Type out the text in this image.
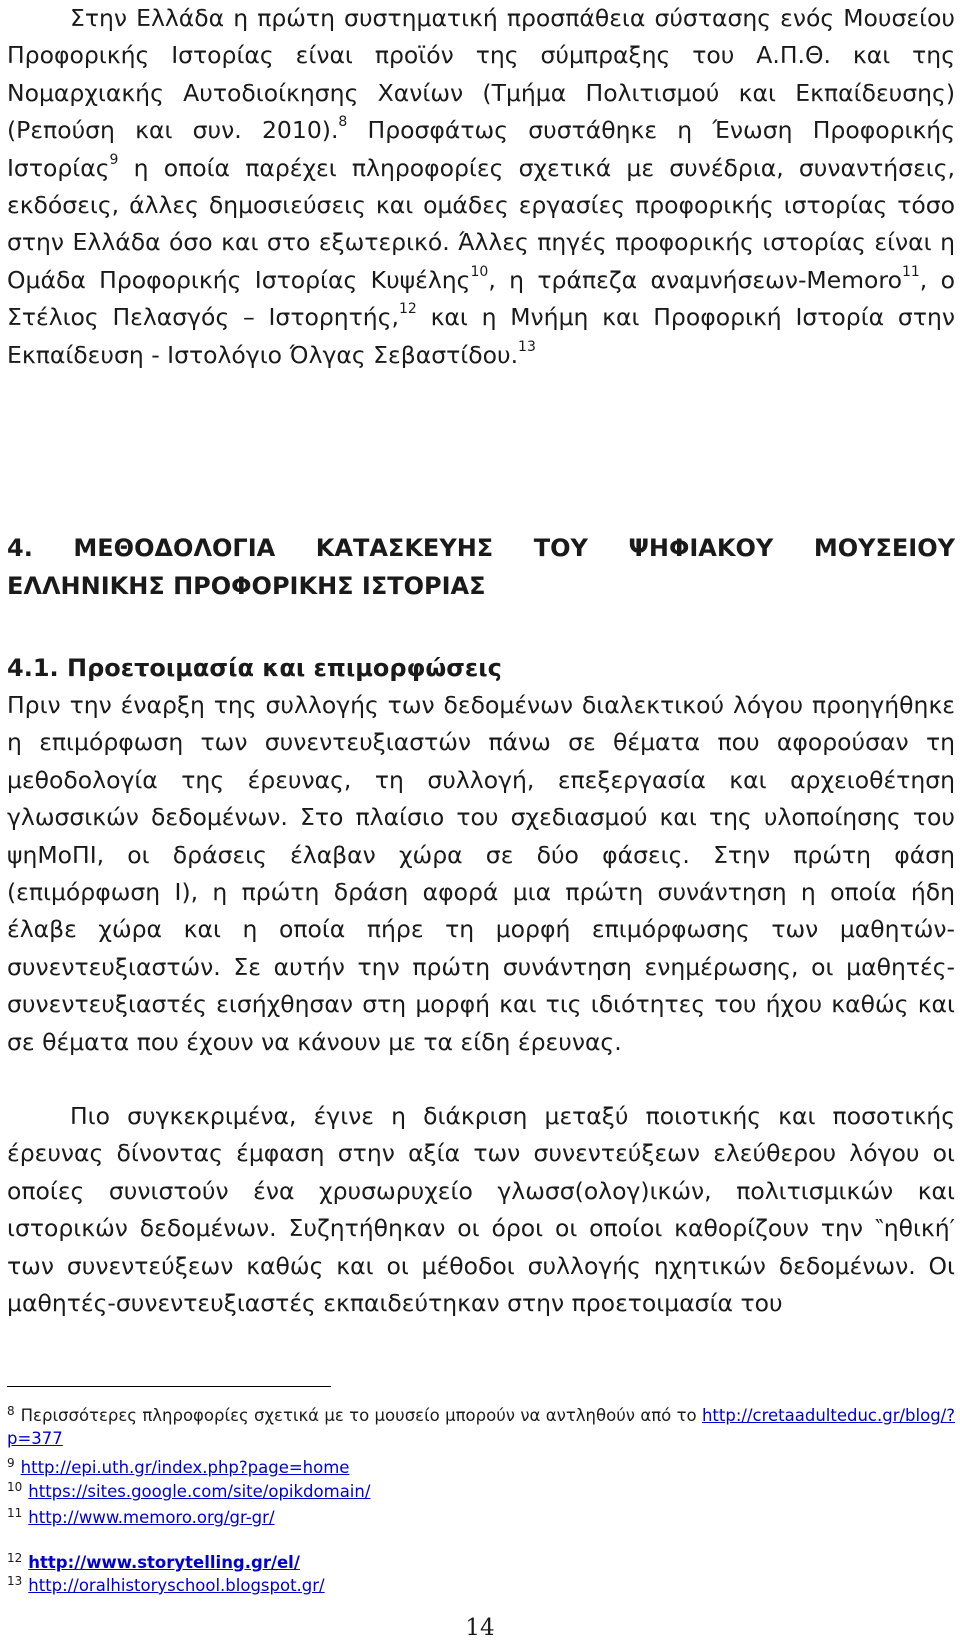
Στην Ελλάδα η πρώτη συστηματική προσπάθεια σύστασης ενός Μουσείου Προφορικής Ιστορίας είναι προϊόν της σύμπραξης του Α.Π.Θ. και της Νομαρχιακής Αυτοδιοίκησης Χανίων (Τμήμα Πολιτισμού και Εκπαίδευσης) (Ρεπούση και συν. 2010).$^8$ Προσφάτως συστάθηκε η Ένωση Προφορικής Ιστορίας$^9$ η οποία παρέχει πληροφορίες σχετικά με συνέδρια, συναντήσεις, εκδόσεις, άλλες δημοσιεύσεις και ομάδες εργασίες προφορικής ιστορίας τόσο στην Ελλάδα όσο και στο εξωτερικό. Άλλες πηγές προφορικής ιστορίας είναι η Ομάδα Προφορικής Ιστορίας Κυψέλης$^{10}$, η τράπεζα αναμνήσεων-Memoro$^{11}$, ο Στέλιος Πελασγός – Ιστορητής,$^{12}$ και η Μνήμη και Προφορική Ιστορία στην Εκπαίδευση - Ιστολόγιο Όλγας Σεβαστίδου.$^{13}$

4. ΜΕΘΟΔΟΛΟΓΙΑ ΚΑΤΑΣΚΕΥΗΣ ΤΟΥ ΨΗΦΙΑΚΟΥ ΜΟΥΣΕΙΟΥ ΕΛΛΗΝΙΚΗΣ ΠΡΟΦΟΡΙΚΗΣ ΙΣΤΟΡΙΑΣ
4.1. Προετοιμασία και επιμορφώσεις

Πριν την έναρξη της συλλογής των δεδομένων διαλεκτικού λόγου προηγήθηκε η επιμόρφωση των συνεντευξιαστών πάνω σε θέματα που αφορούσαν τη μεθοδολογία της έρευνας, τη συλλογή, επεξεργασία και αρχειοθέτηση γλωσσικών δεδομένων. Στο πλαίσιο του σχεδιασμού και της υλοποίησης του ψηΜοΠΙ, οι δράσεις έλαβαν χώρα σε δύο φάσεις. Στην πρώτη φάση (επιμόρφωση Ι), η πρώτη δράση αφορά μια πρώτη συνάντηση η οποία ήδη έλαβε χώρα και η οποία πήρε τη μορφή επιμόρφωσης των μαθητών-συνεντευξιαστών. Σε αυτήν την πρώτη συνάντηση ενημέρωσης, οι μαθητές-συνεντευξιαστές εισήχθησαν στη μορφή και τις ιδιότητες του ήχου καθώς και σε θέματα που έχουν να κάνουν με τα είδη έρευνας.

Πιο συγκεκριμένα, έγινε η διάκριση μεταξύ ποιοτικής και ποσοτικής έρευνας δίνοντας έμφαση στην αξία των συνεντεύξεων ελεύθερου λόγου οι οποίες συνιστούν ένα χρυσωρυχείο γλωσσ(ολογ)ικών, πολιτισμικών και ιστορικών δεδομένων. Συζητήθηκαν οι όροι οι οποίοι καθορίζουν την ‶ηθική′ των συνεντεύξεων καθώς και οι μέθοδοι συλλογής ηχητικών δεδομένων. Οι μαθητές-συνεντευξιαστές εκπαιδεύτηκαν στην προετοιμασία του

$^8$ Περισσότερες πληροφορίες σχετικά με το μουσείο μπορούν να αντληθούν από το http://cretaadulteduc.gr/blog/?p=377

$^9$ http://epi.uth.gr/index.php?page=home

$^{10}$ https://sites.google.com/site/opikdomain/

$^{11}$ http://www.memoro.org/gr-gr/

$^{12}$ http://www.storytelling.gr/el/

$^{13}$ http://oralhistoryschool.blogspot.gr/

14
